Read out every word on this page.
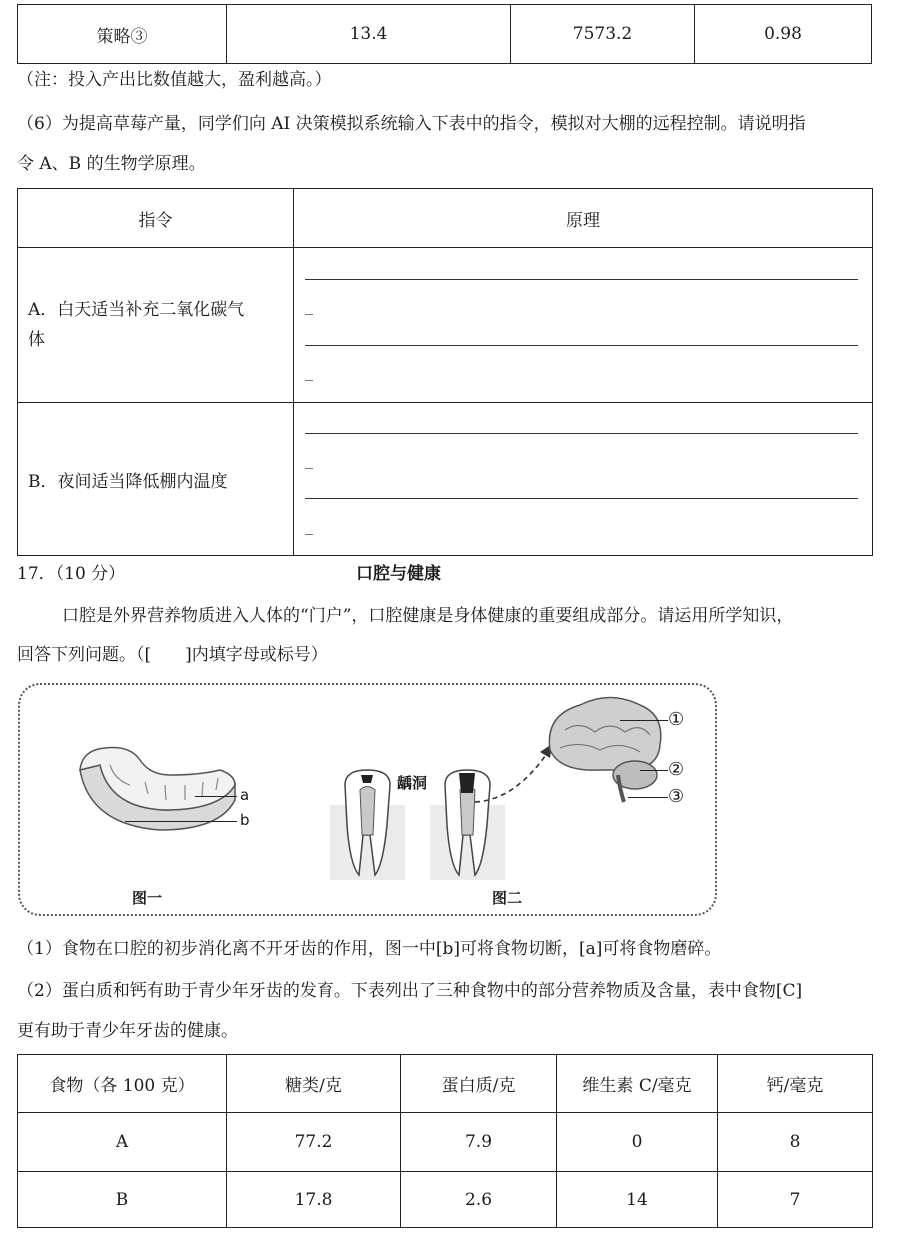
策略③	13.4	7573.2	0.98
（注：投入产出比数值越大，盈利越高。）
（6）为提高草莓产量，同学们向 AI 决策模拟系统输入下表中的指令，模拟对大棚的远程控制。请说明指
令 A、B 的生物学原理。
指令	原理

A．白天适当补充二氧化碳气
体	

B．夜间适当降低棚内温度	
_
_
_
_
17．（10 分）	口腔与健康
口腔是外界营养物质进入人体的“门户”，口腔健康是身体健康的重要组成部分。请运用所学知识，
回答下列问题。（[　　]内填字母或标号）
a
b
图一
龋洞
图二
①
②
③
（1）食物在口腔的初步消化离不开牙齿的作用，图一中[b]可将食物切断，[a]可将食物磨碎。
（2）蛋白质和钙有助于青少年牙齿的发育。下表列出了三种食物中的部分营养物质及含量，表中食物[C]
更有助于青少年牙齿的健康。
食物（各 100 克）	糖类/克	蛋白质/克	维生素 C/毫克	钙/毫克
A	77.2	7.9	0	8
B	17.8	2.6	14	7
